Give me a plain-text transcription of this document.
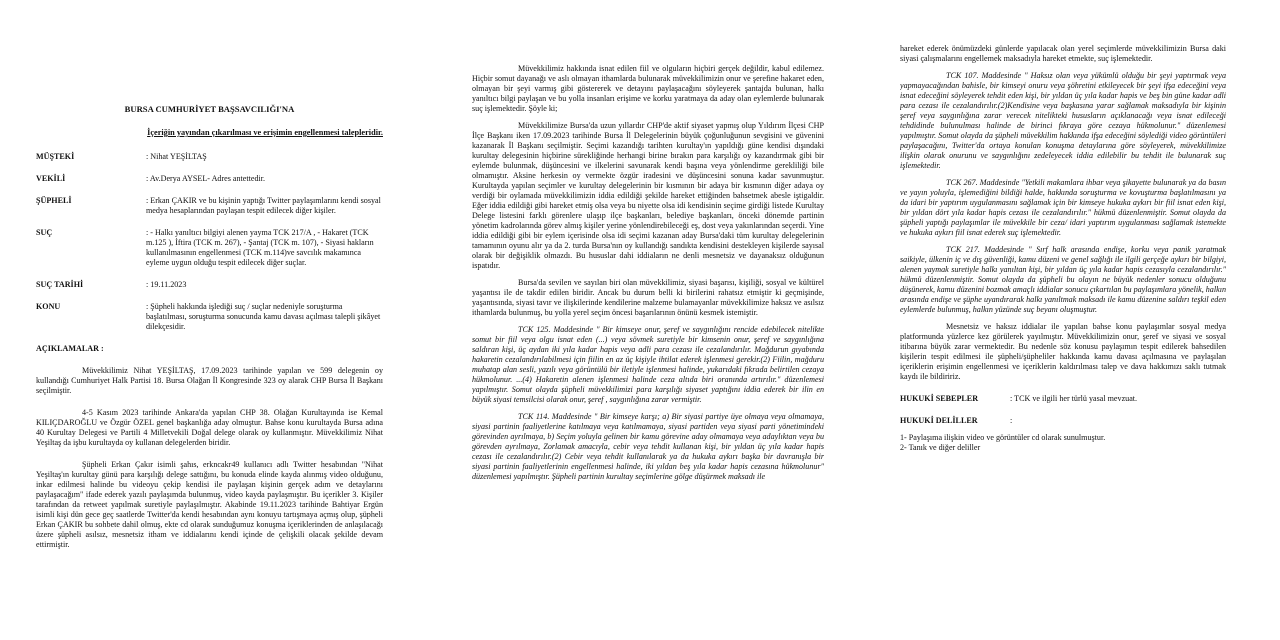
BURSA CUMHURİYET BAŞSAVCILIĞI'NA

İçeriğin yayından çıkarılması ve erişimin engellenmesi talepleridir.

MÜŞTEKİ	: Nihat YEŞİLTAŞ
VEKİLİ	: Av.Derya AYSEL- Adres antettedir.
ŞÜPHELİ	: Erkan ÇAKIR ve bu kişinin yaptığı Twitter paylaşımlarını kendi sosyal medya hesaplarından paylaşan tespit edilecek diğer kişiler.
SUÇ	: - Halkı yanıltıcı bilgiyi alenen yayma TCK 217/A , - Hakaret (TCK m.125 ), İftira (TCK m. 267), - Şantaj (TCK m. 107), - Siyasi hakların kullanılmasının engellenmesi (TCK m.114)ve savcılık makamınca eyleme uygun olduğu tespit edilecek diğer suçlar.
SUÇ TARİHİ	: 19.11.2023
KONU	: Şüpheli hakkında işlediği suç / suçlar nedeniyle soruşturma başlatılması, soruşturma sonucunda kamu davası açılması talepli şikâyet dilekçesidir.

AÇIKLAMALAR :

Müvekkilimiz Nihat YEŞİLTAŞ, 17.09.2023 tarihinde yapılan ve 599 delegenin oy kullandığı Cumhuriyet Halk Partisi 18. Bursa Olağan İl Kongresinde 323 oy alarak CHP Bursa İl Başkanı seçilmiştir.

4-5 Kasım 2023 tarihinde Ankara'da yapılan CHP 38. Olağan Kurultayında ise Kemal KILIÇDAROĞLU ve Özgür ÖZEL genel başkanlığa aday olmuştur. Bahse konu kurultayda Bursa adına 40 Kurultay Delegesi ve Partili 4 Milletvekili Doğal delege olarak oy kullanmıştır. Müvekkilimiz Nihat Yeşiltaş da işbu kurultayda oy kullanan delegelerden biridir.

Şüpheli Erkan Çakır isimli şahıs, erkncakr49 kullanıcı adlı Twitter hesabından "Nihat Yeşiltaş'ın kurultay günü para karşılığı delege sattığını, bu konuda elinde kayda alınmış video olduğunu, inkar edilmesi halinde bu videoyu çekip kendisi ile paylaşan kişinin gerçek adım ve detaylarını paylaşacağım" ifade ederek yazılı paylaşımda bulunmuş, video kayda paylaşmıştır. Bu içerikler 3. Kişiler tarafından da retweet yapılmak suretiyle paylaşılmıştır. Akabinde 19.11.2023 tarihinde Bahtiyar Ergün isimli kişi dün gece geç saatlerde Twitter'da kendi hesabından aynı konuyu tartışmaya açmış olup, şüpheli Erkan ÇAKIR bu sohbete dahil olmuş, ekte cd olarak sunduğumuz konuşma içeriklerinden de anlaşılacağı üzere şüpheli asılsız, mesnetsiz itham ve iddialarını kendi içinde de çelişkili olacak şekilde devam ettirmiştir.

Müvekkilimiz hakkında isnat edilen fiil ve olguların hiçbiri gerçek değildir, kabul edilemez. Hiçbir somut dayanağı ve aslı olmayan ithamlarda bulunarak müvekkilimizin onur ve şerefine hakaret eden, olmayan bir şeyi varmış gibi göstererek ve detayını paylaşacağını söyleyerek şantajda bulunan, halkı yanıltıcı bilgi paylaşan ve bu yolla insanları erişime ve korku yaratmaya da aday olan eylemlerde bulunarak suç işlemektedir. Şöyle ki;

Müvekkilimize Bursa'da uzun yıllardır CHP'de aktif siyaset yapmış olup Yıldırım İlçesi CHP İlçe Başkanı iken 17.09.2023 tarihinde Bursa İl Delegelerinin büyük çoğunluğunun sevgisini ve güvenini kazanarak İl Başkanı seçilmiştir. Seçimi kazandığı tarihten kurultay'ın yapıldığı güne kendisi dışındaki kurultay delegesinin hiçbirine sürekliğinde herhangi birine bırakın para karşılığı oy kazandırmak gibi bir eylemde bulunmak, düşüncesini ve ilkelerini savunarak kendi başına veya yönlendirme gerekliliği bile olmamıştır. Aksine herkesin oy vermekte özgür iradesini ve düşüncesini sonuna kadar savunmuştur. Kurultayda yapılan seçimler ve kurultay delegelerinin bir kısmının bir adaya bir kısmının diğer adaya oy verdiği bir oylamada müvekkilimizin iddia edildiği şekilde hareket ettiğinden bahsetmek abesle iştigaldir. Eğer iddia edildiği gibi hareket etmiş olsa veya bu niyette olsa idi kendisinin seçime girdiği listede Kurultay Delege listesini farklı görenlere ulaşıp ilçe başkanları, belediye başkanları, önceki dönemde partinin yönetim kadrolarında görev almış kişiler yerine yönlendirebileceği eş, dost veya yakınlarından seçerdi. Yine iddia edildiği gibi bir eylem içerisinde olsa idi seçimi kazanan aday Bursa'daki tüm kurultay delegelerinin tamamının oyunu alır ya da 2. turda Bursa'nın oy kullandığı sandıkta kendisini destekleyen kişilerde sayısal olarak bir değişiklik olmazdı. Bu hususlar dahi iddiaların ne denli mesnetsiz ve dayanaksız olduğunun ispatıdır.

Bursa'da sevilen ve sayılan biri olan müvekkilimiz, siyasi başarısı, kişiliği, sosyal ve kültürel yaşantısı ile de takdir edilen biridir. Ancak bu durum belli ki birilerini rahatsız etmiştir ki geçmişinde, yaşantısında, siyasi tavır ve ilişkilerinde kendilerine malzeme bulamayanlar müvekkilimize haksız ve asılsız ithamlarda bulunmuş, bu yolla yerel seçim öncesi başarılarının önünü kesmek istemiştir.

TCK 125. Maddesinde " Bir kimseye onur, şeref ve saygınlığını rencide edebilecek nitelikte somut bir fiil veya olgu isnat eden (...) veya sövmek suretiyle bir kimsenin onur, şeref ve saygınlığına saldıran kişi, üç aydan iki yıla kadar hapis veya adli para cezası ile cezalandırılır. Mağdurun gıyabında hakaretin cezalandırılabilmesi için fiilin en az üç kişiyle ihtilat ederek işlenmesi gerekir.(2) Fiilin, mağduru muhatap alan sesli, yazılı veya görüntülü bir iletiyle işlenmesi halinde, yukarıdaki fıkrada belirtilen cezaya hükmolunur. ...(4) Hakaretin alenen işlenmesi halinde ceza altıda biri oranında artırılır." düzenlemesi yapılmıştır. Somut olayda şüpheli müvekkilimizi para karşılığı siyaset yaptığını iddia ederek bir ilin en büyük siyasi temsilcisi olarak onur, şeref , saygınlığına zarar vermiştir.

TCK 114. Maddesinde " Bir kimseye karşı; a) Bir siyasi partiye üye olmaya veya olmamaya, siyasi partinin faaliyetlerine katılmaya veya katılmamaya, siyasi partiden veya siyasi parti yönetimindeki görevinden ayrılmaya, b) Seçim yoluyla gelinen bir kamu görevine aday olmamaya veya adaylıktan veya bu görevden ayrılmaya, Zorlamak amacıyla, cebir veya tehdit kullanan kişi, bir yıldan üç yıla kadar hapis cezası ile cezalandırılır.(2) Cebir veya tehdit kullanılarak ya da hukuka aykırı başka bir davranışla bir siyasi partinin faaliyetlerinin engellenmesi halinde, iki yıldan beş yıla kadar hapis cezasına hükmolunur" düzenlemesi yapılmıştır. Şüpheli partinin kurultay seçimlerine gölge düşürmek maksadı ile

hareket ederek önümüzdeki günlerde yapılacak olan yerel seçimlerde müvekkilimizin Bursa daki siyasi çalışmalarını engellemek maksadıyla hareket etmekte, suç işlemektedir.

TCK 107. Maddesinde " Haksız olan veya yükümlü olduğu bir şeyi yaptırmak veya yapmayacağından bahisle, bir kimseyi onuru veya şöhretini etkileyecek bir şeyi ifşa edeceğini veya isnat edeceğini söyleyerek tehdit eden kişi, bir yıldan üç yıla kadar hapis ve beş bin güne kadar adli para cezası ile cezalandırılır.(2)Kendisine veya başkasına yarar sağlamak maksadıyla bir kişinin şeref veya saygınlığına zarar verecek nitelikteki hususların açıklanacağı veya isnat edileceği tehdidinde bulunulması halinde de birinci fıkraya göre cezaya hükmolunur." düzenlemesi yapılmıştır. Somut olayda da şüpheli müvekkilim hakkında ifşa edeceğini söylediği video görüntüleri paylaşacağını, Twitter'da ortaya konulan konuşma detaylarına göre söyleyerek, müvekkilimize ilişkin olarak onurunu ve saygınlığını zedeleyecek iddia edilebilir bu tehdit ile bulunarak suç işlemektedir.

TCK 267. Maddesinde "Yetkili makamlara ihbar veya şikayette bulunarak ya da basın ve yayın yoluyla, işlemediğini bildiği halde, hakkında soruşturma ve kovuşturma başlatılmasını ya da idari bir yaptırım uygulanmasını sağlamak için bir kimseye hukuka aykırı bir fiil isnat eden kişi, bir yıldan dört yıla kadar hapis cezası ile cezalandırılır." hükmü düzenlenmiştir. Somut olayda da şüpheli yaptığı paylaşımlar ile müvekkile bir ceza/ idari yaptırım uygulanması sağlamak istemekte ve hukuka aykırı fiil isnat ederek suç işlemektedir.

TCK 217. Maddesinde " Sırf halk arasında endişe, korku veya panik yaratmak saikiyle, ülkenin iç ve dış güvenliği, kamu düzeni ve genel sağlığı ile ilgili gerçeğe aykırı bir bilgiyi, alenen yaymak suretiyle halkı yanıltan kişi, bir yıldan üç yıla kadar hapis cezasıyla cezalandırılır." hükmü düzenlenmiştir. Somut olayda da şüpheli bu olayın ne büyük nedenler sonucu olduğunu düşünerek, kamu düzenini bozmak amaçlı iddialar sonucu çıkartılan bu paylaşımlara yönelik, halkın arasında endişe ve şüphe uyandırarak halkı yanıltmak maksadı ile kamu düzenine saldırı teşkil eden eylemlerde bulunmuş, halkın yüzünde suç beyanı oluşmuştur.

Mesnetsiz ve haksız iddialar ile yapılan bahse konu paylaşımlar sosyal medya platformunda yüzlerce kez görülerek yayılmıştır. Müvekkilimizin onur, şeref ve siyasi ve sosyal itibarına büyük zarar vermektedir. Bu nedenle söz konusu paylaşımın tespit edilerek bahsedilen kişilerin tespit edilmesi ile şüpheli/şüpheliler hakkında kamu davası açılmasına ve paylaşılan içeriklerin erişimin engellenmesi ve içeriklerin kaldırılması talep ve dava hakkımızı saklı tutmak kaydı ile bildiririz.

HUKUKİ SEBEPLER	: TCK ve ilgili her türlü yasal mevzuat.
HUKUKİ DELİLLER	:

1- Paylaşıma ilişkin video ve görüntüler cd olarak sunulmuştur.

2- Tanık ve diğer deliller
